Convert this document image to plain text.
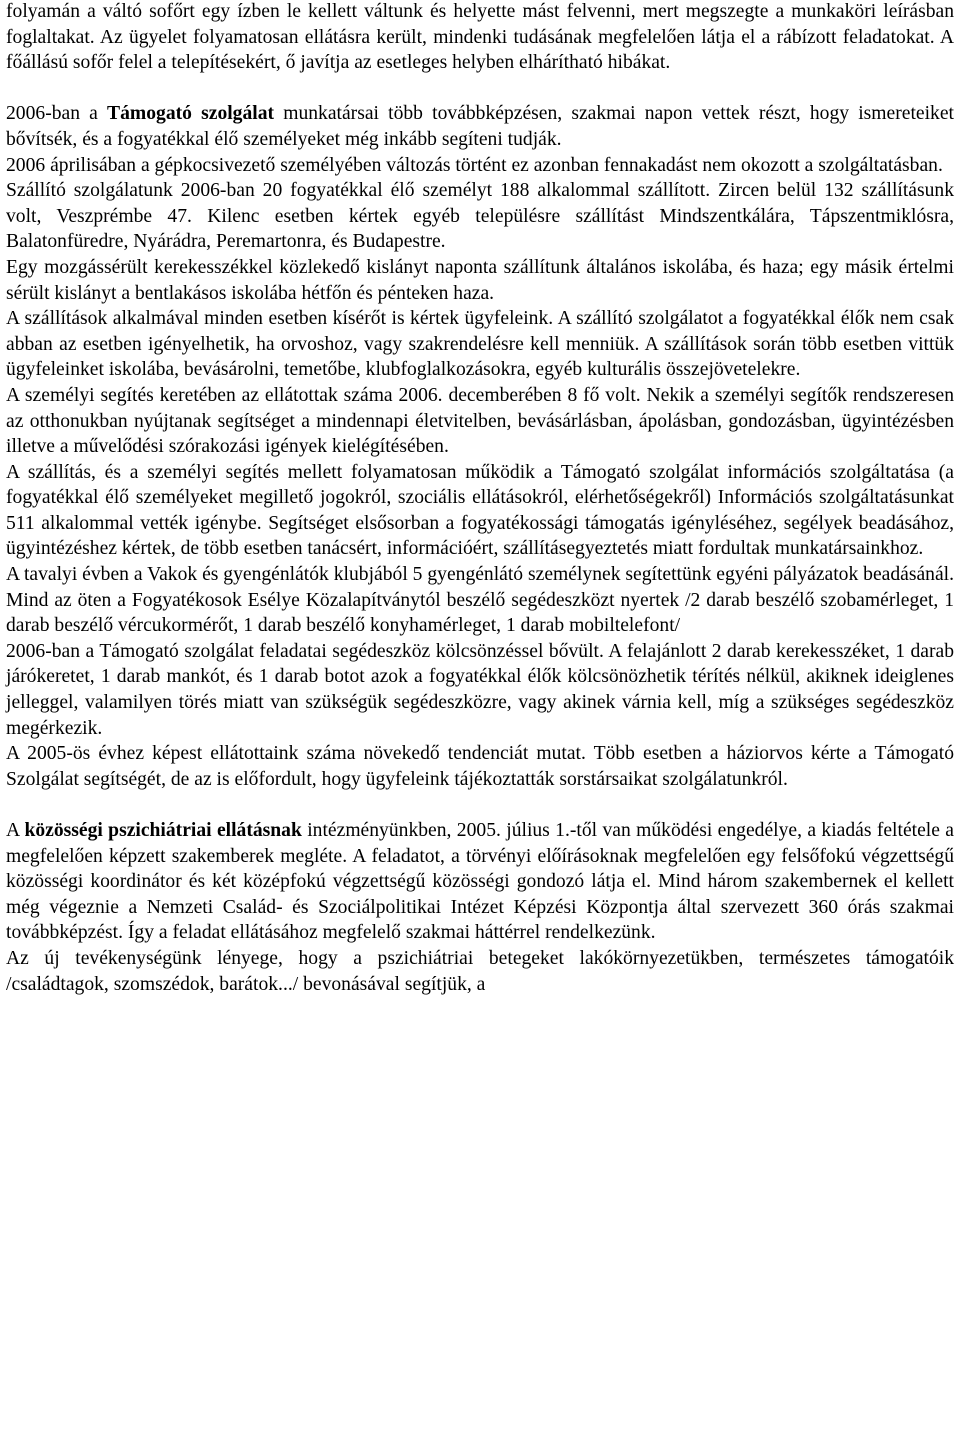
folyamán a váltó sofőrt egy ízben le kellett váltunk és helyette mást felvenni, mert megszegte a munkaköri leírásban foglaltakat. Az ügyelet folyamatosan ellátásra került, mindenki tudásának megfelelően látja el a rábízott feladatokat. A főállású sofőr felel a telepítésekért, ő javítja az esetleges helyben elhárítható hibákat.

2006-ban a Támogató szolgálat munkatársai több továbbképzésen, szakmai napon vettek részt, hogy ismereteiket bővítsék, és a fogyatékkal élő személyeket még inkább segíteni tudják.

2006 áprilisában a gépkocsivezető személyében változás történt ez azonban fennakadást nem okozott a szolgáltatásban.

Szállító szolgálatunk 2006-ban 20 fogyatékkal élő személyt 188 alkalommal szállított. Zircen belül 132 szállításunk volt, Veszprémbe 47. Kilenc esetben kértek egyéb településre szállítást Mindszentkálára, Tápszentmiklósra, Balatonfüredre, Nyárádra, Peremartonra, és Budapestre.

Egy mozgássérült kerekesszékkel közlekedő kislányt naponta szállítunk általános iskolába, és haza; egy másik értelmi sérült kislányt a bentlakásos iskolába hétfőn és pénteken haza.

A szállítások alkalmával minden esetben kísérőt is kértek ügyfeleink. A szállító szolgálatot a fogyatékkal élők nem csak abban az esetben igényelhetik, ha orvoshoz, vagy szakrendelésre kell menniük. A szállítások során több esetben vittük ügyfeleinket iskolába, bevásárolni, temetőbe, klubfoglalkozásokra, egyéb kulturális összejövetelekre.

A személyi segítés keretében az ellátottak száma 2006. decemberében 8 fő volt. Nekik a személyi segítők rendszeresen az otthonukban nyújtanak segítséget a mindennapi életvitelben, bevásárlásban, ápolásban, gondozásban, ügyintézésben illetve a művelődési szórakozási igények kielégítésében.

A szállítás, és a személyi segítés mellett folyamatosan működik a Támogató szolgálat információs szolgáltatása (a fogyatékkal élő személyeket megillető jogokról, szociális ellátásokról, elérhetőségekről) Információs szolgáltatásunkat 511 alkalommal vették igénybe. Segítséget elsősorban a fogyatékossági támogatás igényléséhez, segélyek beadásához, ügyintézéshez kértek, de több esetben tanácsért, információért, szállításegyeztetés miatt fordultak munkatársainkhoz.

A tavalyi évben a Vakok és gyengénlátók klubjából 5 gyengénlátó személynek segítettünk egyéni pályázatok beadásánál. Mind az öten a Fogyatékosok Esélye Közalapítványtól beszélő segédeszközt nyertek /2 darab beszélő szobamérleget, 1 darab beszélő vércukormérőt, 1 darab beszélő konyhamérleget, 1 darab mobiltelefont/

2006-ban a Támogató szolgálat feladatai segédeszköz kölcsönzéssel bővült. A felajánlott 2 darab kerekesszéket, 1 darab járókeretet, 1 darab mankót, és 1 darab botot azok a fogyatékkal élők kölcsönözhetik térítés nélkül, akiknek ideiglenes jelleggel, valamilyen törés miatt van szükségük segédeszközre, vagy akinek várnia kell, míg a szükséges segédeszköz megérkezik.

A 2005-ös évhez képest ellátottaink száma növekedő tendenciát mutat. Több esetben a háziorvos kérte a Támogató Szolgálat segítségét, de az is előfordult, hogy ügyfeleink tájékoztatták sorstársaikat szolgálatunkról.

A közösségi pszichiátriai ellátásnak intézményünkben, 2005. július 1.-től van működési engedélye, a kiadás feltétele a megfelelően képzett szakemberek megléte. A feladatot, a törvényi előírásoknak megfelelően egy felsőfokú végzettségű közösségi koordinátor és két középfokú végzettségű közösségi gondozó látja el. Mind három szakembernek el kellett még végeznie a Nemzeti Család- és Szociálpolitikai Intézet Képzési Központja által szervezett 360 órás szakmai továbbképzést. Így a feladat ellátásához megfelelő szakmai háttérrel rendelkezünk.

Az új tevékenységünk lényege, hogy a pszichiátriai betegeket lakókörnyezetükben, természetes támogatóik /családtagok, szomszédok, barátok.../ bevonásával segítjük, a
